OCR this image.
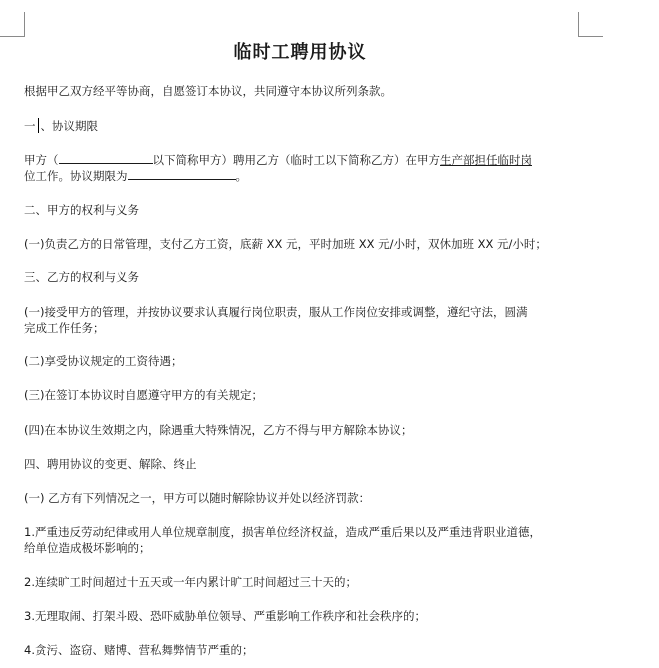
临时工聘用协议
根据甲乙双方经平等协商，自愿签订本协议，共同遵守本协议所列条款。
一 、协议期限
甲方（	以下简称甲方）聘用乙方（临时工以下简称乙方）在甲方生产部担任临时岗
位工作。协议期限为	。
二、甲方的权利与义务
(一)负责乙方的日常管理，支付乙方工资，底薪 XX 元，平时加班 XX 元/小时，双休加班 XX 元/小时；
三、乙方的权利与义务
(一)接受甲方的管理，并按协议要求认真履行岗位职责，服从工作岗位安排或调整，遵纪守法，圆满
完成工作任务；
(二)享受协议规定的工资待遇；
(三)在签订本协议时自愿遵守甲方的有关规定；
(四)在本协议生效期之内，除遇重大特殊情况，乙方不得与甲方解除本协议；
四、聘用协议的变更、解除、终止
(一) 乙方有下列情况之一，甲方可以随时解除协议并处以经济罚款：
1.严重违反劳动纪律或用人单位规章制度，损害单位经济权益，造成严重后果以及严重违背职业道德，
给单位造成极坏影响的；
2.连续旷工时间超过十五天或一年内累计旷工时间超过三十天的；
3.无理取闹、打架斗殴、恐吓威胁单位领导、严重影响工作秩序和社会秩序的；
4.贪污、盗窃、赌博、营私舞弊情节严重的；
